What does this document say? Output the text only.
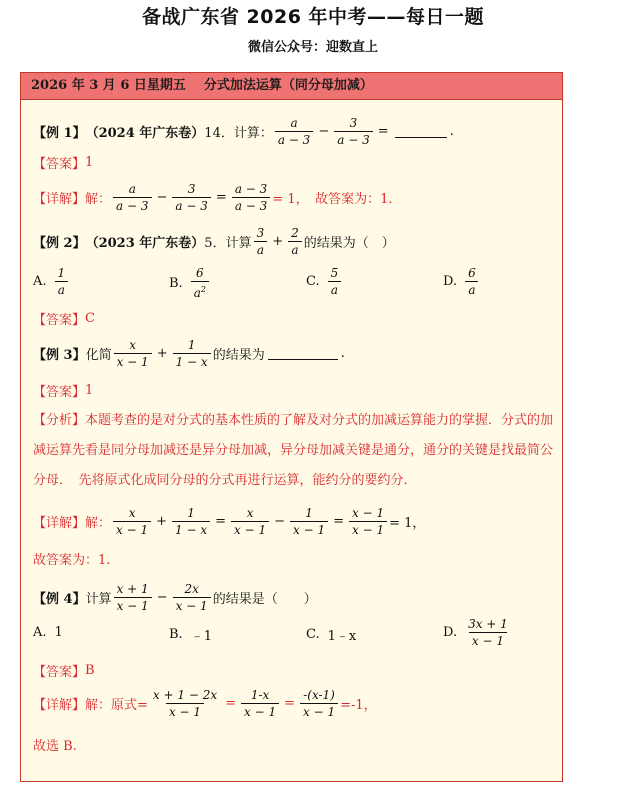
备战广东省 2026 年中考——每日一题
微信公众号：迎数直上
2026 年 3 月 6 日星期五 分式加法运算（同分母加减）
【例 1】 （2024 年广东卷） 14．计算： $\frac{a}{a - 3} - \frac{3}{a - 3}$ =	.
【答案】 1
【详解】 解： $\frac{a}{a - 3} - \frac{3}{a - 3} = \frac{a - 3}{a - 3} = 1$，　故答案为：1.
【例 2】 （2023 年广东卷） 5．计算 $\frac{3}{a} + \frac{2}{a}$ 的结果为（　）
A. $\frac{1}{a}$	B. $\frac{6}{a^2}$	C. $\frac{5}{a}$	D. $\frac{6}{a}$
【答案】 C
【例 3】 化简 $\frac{x}{x - 1} + \frac{1}{1 - x}$ 的结果为	.
【答案】 1
【分析】本题考查的是对分式的基本性质的了解及对分式的加减运算能力的掌握．分式的加减运算先看是同分母加减还是异分母加减，异分母加减关键是通分，通分的关键是找最简公分母．　先将原式化成同分母的分式再进行运算，能约分的要约分．
【详解】 解： $\frac{x}{x - 1} + \frac{1}{1 - x} = \frac{x}{x - 1} - \frac{1}{x - 1} = \frac{x - 1}{x - 1} = 1$，
故答案为：1.
【例 4】 计算 $\frac{x + 1}{x - 1} - \frac{2x}{x - 1}$ 的结果是（　　）
A. 1	B. ﹣1	C. 1﹣x	D. $\frac{3x + 1}{x - 1}$
【答案】 B
【详解】 解：原式= $\frac{x + 1 - 2x}{x - 1} = \frac{1-x}{x - 1} = \frac{-(x-1)}{x - 1} =-1$，
故选 B.
